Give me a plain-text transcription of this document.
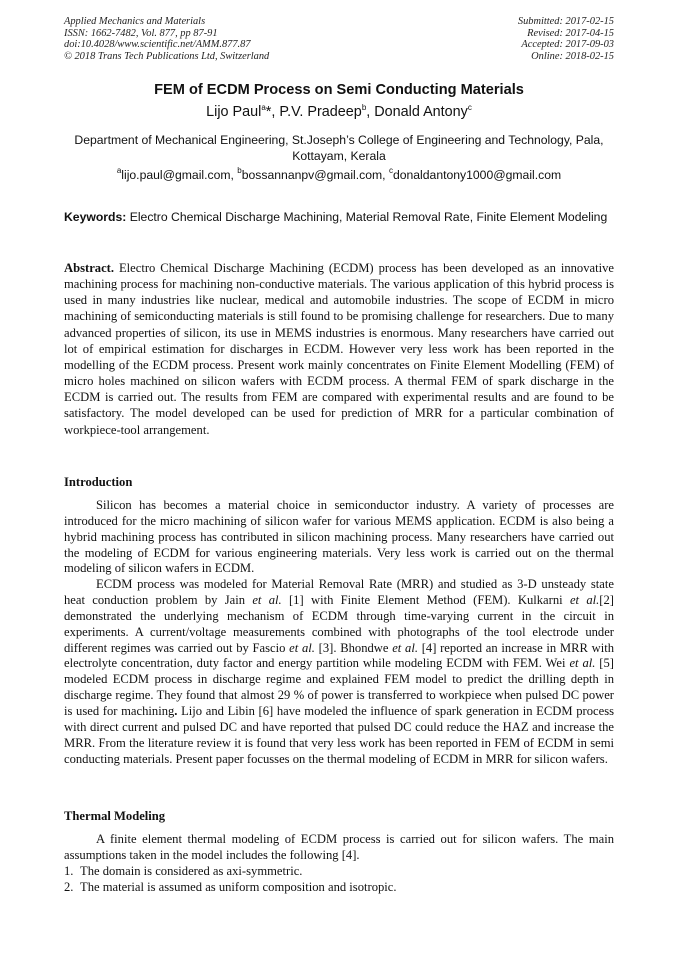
Applied Mechanics and Materials
ISSN: 1662-7482, Vol. 877, pp 87-91
doi:10.4028/www.scientific.net/AMM.877.87
© 2018 Trans Tech Publications Ltd, Switzerland
Submitted: 2017-02-15
Revised: 2017-04-15
Accepted: 2017-09-03
Online: 2018-02-15
FEM of ECDM Process on Semi Conducting Materials
Lijo Paul$^a$*, P.V. Pradeep$^b$, Donald Antony$^c$
Department of Mechanical Engineering, St.Joseph’s College of Engineering and Technology, Pala, Kottayam, Kerala
$^a$lijo.paul@gmail.com, $^b$bossannanpv@gmail.com, $^c$donaldantony1000@gmail.com
Keywords: Electro Chemical Discharge Machining, Material Removal Rate, Finite Element Modeling
Abstract. Electro Chemical Discharge Machining (ECDM) process has been developed as an innovative machining process for machining non-conductive materials. The various application of this hybrid process is used in many industries like nuclear, medical and automobile industries. The scope of ECDM in micro machining of semiconducting materials is still found to be promising challenge for researchers. Due to many advanced properties of silicon, its use in MEMS industries is enormous. Many researchers have carried out lot of empirical estimation for discharges in ECDM. However very less work has been reported in the modelling of the ECDM process. Present work mainly concentrates on Finite Element Modelling (FEM) of micro holes machined on silicon wafers with ECDM process. A thermal FEM of spark discharge in the ECDM is carried out. The results from FEM are compared with experimental results and are found to be satisfactory. The model developed can be used for prediction of MRR for a particular combination of workpiece-tool arrangement.
Introduction

Silicon has becomes a material choice in semiconductor industry. A variety of processes are introduced for the micro machining of silicon wafer for various MEMS application. ECDM is also being a hybrid machining process has contributed in silicon machining process. Many researchers have carried out the modeling of ECDM for various engineering materials. Very less work is carried out on the thermal modeling of silicon wafers in ECDM.

ECDM process was modeled for Material Removal Rate (MRR) and studied as 3-D unsteady state heat conduction problem by Jain et al. [1] with Finite Element Method (FEM). Kulkarni et al.[2] demonstrated the underlying mechanism of ECDM through time-varying current in the circuit in experiments. A current/voltage measurements combined with photographs of the tool electrode under different regimes was carried out by Fascio et al. [3]. Bhondwe et al. [4] reported an increase in MRR with electrolyte concentration, duty factor and energy partition while modeling ECDM with FEM. Wei et al. [5] modeled ECDM process in discharge regime and explained FEM model to predict the drilling depth in discharge regime. They found that almost 29 % of power is transferred to workpiece when pulsed DC power is used for machining. Lijo and Libin [6] have modeled the influence of spark generation in ECDM process with direct current and pulsed DC and have reported that pulsed DC could reduce the HAZ and increase the MRR. From the literature review it is found that very less work has been reported in FEM of ECDM in semi conducting materials. Present paper focusses on the thermal modeling of ECDM in MRR for silicon wafers.

Thermal Modeling

A finite element thermal modeling of ECDM process is carried out for silicon wafers. The main assumptions taken in the model includes the following [4].

1. The domain is considered as axi-symmetric.

2. The material is assumed as uniform composition and isotropic.
